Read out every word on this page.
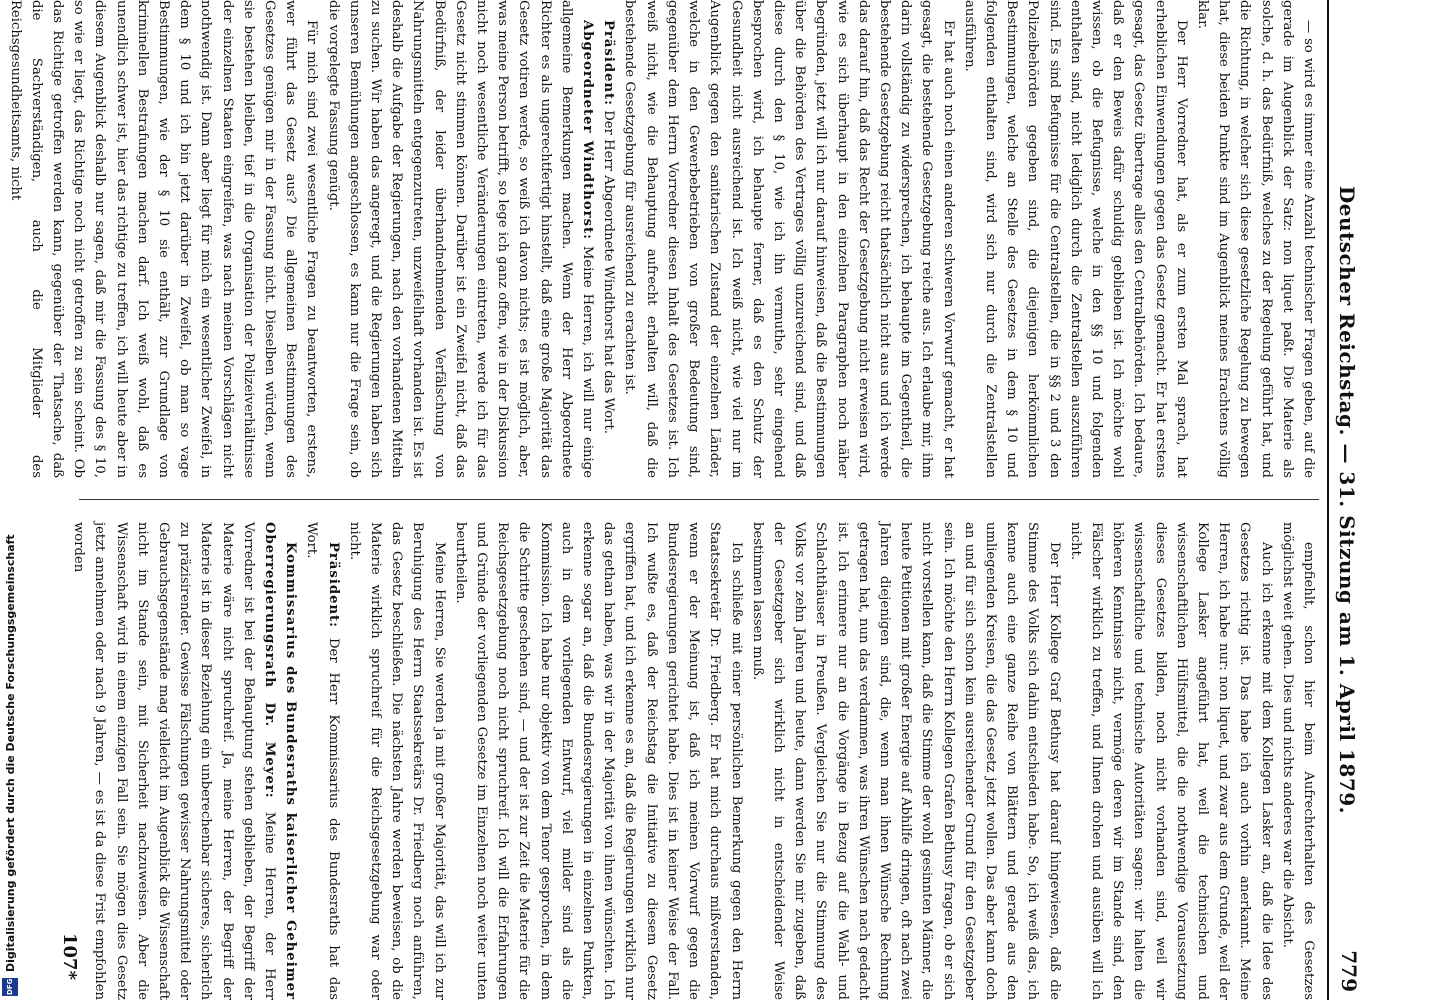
Deutscher Reichstag. — 31. Sitzung am 1. April 1879.
779

— so wird es immer eine Anzahl technischer Fragen geben, auf die gerade im Augenblick der Satz: non liquet paßt. Die Materie als solche, d. h. das Bedürfniß, welches zu der Regelung geführt hat, und die Richtung, in welcher sich diese gesetzliche Regelung zu bewegen hat, diese beiden Punkte sind im Augenblick meines Erachtens völlig klar.

Der Herr Vorredner hat, als er zum ersten Mal sprach, hat erheblichen Einwendungen gegen das Gesetz gemacht. Er hat erstens gesagt, das Gesetz übertrage alles den Centralbehörden. Ich bedaure, daß er den Beweis dafür schuldig geblieben ist. Ich möchte wohl wissen, ob die Befugnisse, welche in den §§ 10 und folgenden enthalten sind, nicht lediglich durch die Zentralstellen auszuführen sind. Es sind Befugnisse für die Centralstellen, die in §§ 2 und 3 den Polizeibehörden gegeben sind, die diejenigen herkömmlichen Bestimmungen, welche an Stelle des Gesetzes in dem § 10 und folgenden enthalten sind, wird sich nur durch die Zentralstellen ausführen.

Er hat auch noch einen anderen schweren Vorwurf gemacht, er hat gesagt, die bestehende Gesetzgebung reiche aus. Ich erlaube mir, ihm darin vollständig zu widersprechen, ich behaupte im Gegentheil, die bestehende Gesetzgebung reicht thatsächlich nicht aus und ich werde das darauf hin, daß das Recht der Gesetzgebung nicht erweisen wird, wie es sich überhaupt in den einzelnen Paragraphen noch näher begründen, jetzt will ich nur darauf hinweisen, daß die Bestimmungen über die Behörden des Vertrages völlig unzureichend sind, und daß diese durch den § 10, wie ich ihn vermuthe, sehr eingehend besprochen wird, ich behaupte ferner, daß es den Schutz der Gesundheit nicht ausreichend ist. Ich weiß nicht, wie viel nur im Augenblick gegen den sanitarischen Zustand der einzelnen Länder, welche in den Gewerbebetrieben von großer Bedeutung sind, gegenüber dem Herrn Vorredner diesen Inhalt des Gesetzes ist. Ich weiß nicht, wie die Behauptung aufrecht erhalten will, daß die bestehende Gesetzgebung für ausreichend zu erachten ist.

Präsident: Der Herr Abgeordnete Windthorst hat das Wort.

Abgeordneter Windthorst: Meine Herren, ich will nur einige allgemeine Bemerkungen machen. Wenn der Herr Abgeordnete Richter es als ungerechtfertigt hinstellt, daß eine große Majorität das Gesetz votiren werde, so weiß ich davon nichts; es ist möglich, aber, was meine Person betrifft, so lege ich ganz offen, wie in der Diskussion nicht noch wesentliche Veränderungen eintreten, werde ich für das Gesetz nicht stimmen können. Darüber ist ein Zweifel nicht, daß das Bedürfniß, der leider überhandnehmenden Verfälschung von Nahrungsmitteln entgegenzutreten, unzweifelhaft vorhanden ist. Es ist deshalb die Aufgabe der Regierungen, nach den vorhandenen Mitteln zu suchen. Wir haben das angeregt, und die Regierungen haben sich unseren Bemühungen angeschlossen, es kann nur die Frage sein, ob die vorgelegte Fassung genügt.

Für mich sind zwei wesentliche Fragen zu beantworten, erstens, wer führt das Gesetz aus? Die allgemeinen Bestimmungen des Gesetzes genügen mir in der Fassung nicht. Dieselben würden, wenn sie bestehen bleiben, tief in die Organisation der Polizeiverhältnisse der einzelnen Staaten eingreifen, was nach meinen Vorschlägen nicht nothwendig ist. Dann aber liegt für mich ein wesentlicher Zweifel, in dem § 10 und ich bin jetzt darüber in Zweifel, ob man so vage Bestimmungen, wie der § 10 sie enthält, zur Grundlage von kriminellen Bestrafungen machen darf. Ich weiß wohl, daß es unendlich schwer ist, hier das richtige zu treffen, ich will heute aber in diesem Augenblick deshalb nur sagen, daß mir die Fassung des § 10, so wie er liegt, das Richtige noch nicht getroffen zu sein scheint. Ob das Richtige getroffen werden kann, gegenüber der Thatsache, daß die Sachverständigen, auch die Mitglieder des Reichsgesundheitsamts, nicht

empfiehlt, schon hier beim Aufrechterhalten des Gesetzes möglichst weit gehen. Dies und nichts anderes war die Absicht.

Auch ich erkenne mit dem Kollegen Lasker an, daß die Idee des Gesetzes richtig ist. Das habe ich auch vorhin anerkannt. Meine Herren, ich habe nur: non liquet, und zwar aus dem Grunde, weil der Kollege Lasker angeführt hat, weil die technischen und wissenschaftlichen Hülfsmittel, die die nothwendige Voraussetzung dieses Gesetzes bilden, noch nicht vorhanden sind, weil wir wissenschaftliche und technische Autoritäten sagen: wir halten die höheren Kenntnisse nicht, vermöge deren wir im Stande sind, den Fälscher wirklich zu treffen, und Ihnen drohen und ausüben will ich nicht.

Der Herr Kollege Graf Bethusy hat darauf hingewiesen, daß die Stimme des Volks sich dahin entschieden habe. So, ich weiß das, ich kenne auch eine ganze Reihe von Blättern und gerade aus den umliegenden Kreisen, die das Gesetz jetzt wollen. Das aber kann doch an und für sich schon kein ausreichender Grund für den Gesetzgeber sein. Ich möchte den Herrn Kollegen Grafen Bethusy fragen, ob er sich nicht vorstellen kann, daß die Stimme der wohl gesinnten Männer, die heute Petitionen mit großer Energie auf Abhilfe dringen, oft nach zwei Jahren diejenigen sind, die, wenn man ihnen Wünsche Rechnung getragen hat, nun das verdammen, was ihren Wünschen nach gedacht ist. Ich erinnere nur an die Vorgänge in Bezug auf die Wahl- und Schlachthäuser in Preußen. Vergleichen Sie nur die Stimmung des Volks vor zehn Jahren und heute, dann werden Sie mir zugeben, daß der Gesetzgeber sich wirklich nicht in entscheidender Weise bestimmen lassen muß.

Ich schließe mit einer persönlichen Bemerkung gegen den Herrn Staatssekretär Dr. Friedberg. Er hat mich durchaus mißverstanden, wenn er der Meinung ist, daß ich meinen Vorwurf gegen die Bundesregierungen gerichtet habe. Dies ist in keiner Weise der Fall. Ich wußte es, daß der Reichstag die Initiative zu diesem Gesetz ergriffen hat, und ich erkenne es an, daß die Regierungen wirklich nur das gethan haben, was wir in der Majorität von ihnen wünschten. Ich erkenne sogar an, daß die Bundesregierungen in einzelnen Punkten, auch in dem vorliegenden Entwurf, viel milder sind als die Kommission. Ich habe nur objektiv von dem Tenor gesprochen, in dem die Schritte geschehen sind, — und der ist zur Zeit die Materie für die Reichsgesetzgebung noch nicht spruchreif. Ich will die Erfahrungen und Gründe der vorliegenden Gesetze im Einzelnen noch weiter unten beurtheilen.

Meine Herren, Sie werden ja mit großer Majorität, das will ich zur Beruhigung des Herrn Staatssekretärs Dr. Friedberg noch anführen, das Gesetz beschließen. Die nächsten Jahre werden beweisen, ob die Materie wirklich spruchreif für die Reichsgesetzgebung war oder nicht.

Präsident: Der Herr Kommissarius des Bundesraths hat das Wort.

Kommissarius des Bundesraths kaiserlicher Geheimer Oberregierungsrath Dr. Meyer: Meine Herren, der Herr Vorredner ist bei der Behauptung stehen geblieben, der Begriff der Materie wäre nicht spruchreif. Ja, meine Herren, der Begriff der Materie ist in dieser Beziehung ein unberechenbar sicheres, sicherlich zu präzisirender. Gewisse Fälschungen gewisser Nahrungsmittel oder Gebrauchsgegenstände mag vielleicht im Augenblick die Wissenschaft nicht im Stande sein, mit Sicherheit nachzuweisen. Aber die Wissenschaft wird in einem einzigen Fall sein. Sie mögen dies Gesetz jetzt annehmen oder nach 9 Jahren, — es ist da diese Frist empfohlen worden

107*
DFG
Digitalisierung gefördert durch die Deutsche Forschungsgemeinschaft
